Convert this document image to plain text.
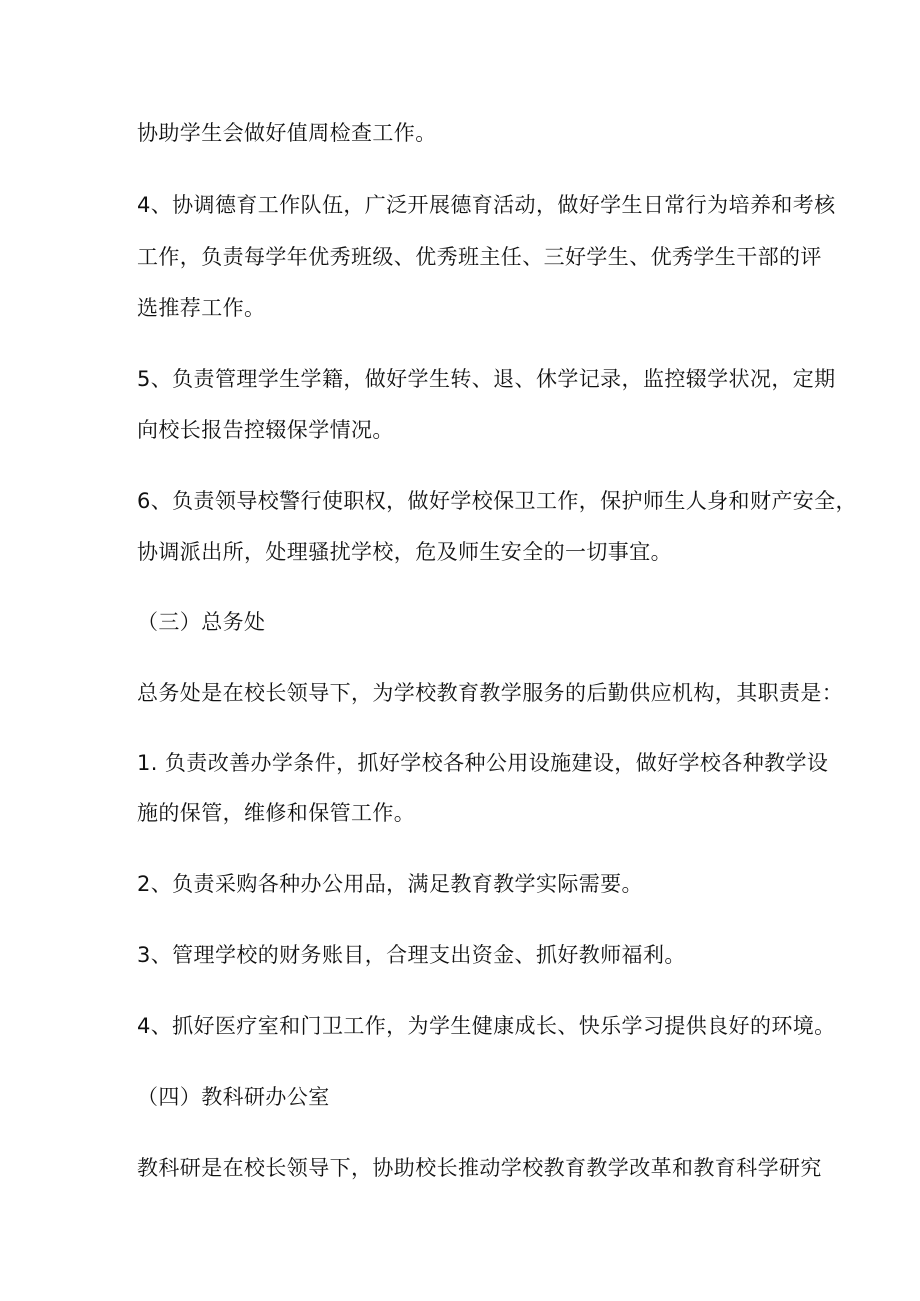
协助学生会做好值周检查工作。
4、协调德育工作队伍，广泛开展德育活动，做好学生日常行为培养和考核
工作，负责每学年优秀班级、优秀班主任、三好学生、优秀学生干部的评
选推荐工作。
5、负责管理学生学籍，做好学生转、退、休学记录，监控辍学状况，定期
向校长报告控辍保学情况。
6、负责领导校警行使职权，做好学校保卫工作，保护师生人身和财产安全，
协调派出所，处理骚扰学校，危及师生安全的一切事宜。
（三）总务处
总务处是在校长领导下，为学校教育教学服务的后勤供应机构，其职责是：
1. 负责改善办学条件，抓好学校各种公用设施建设，做好学校各种教学设
施的保管，维修和保管工作。
2、负责采购各种办公用品，满足教育教学实际需要。
3、管理学校的财务账目，合理支出资金、抓好教师福利。
4、抓好医疗室和门卫工作，为学生健康成长、快乐学习提供良好的环境。
（四）教科研办公室
教科研是在校长领导下，协助校长推动学校教育教学改革和教育科学研究
